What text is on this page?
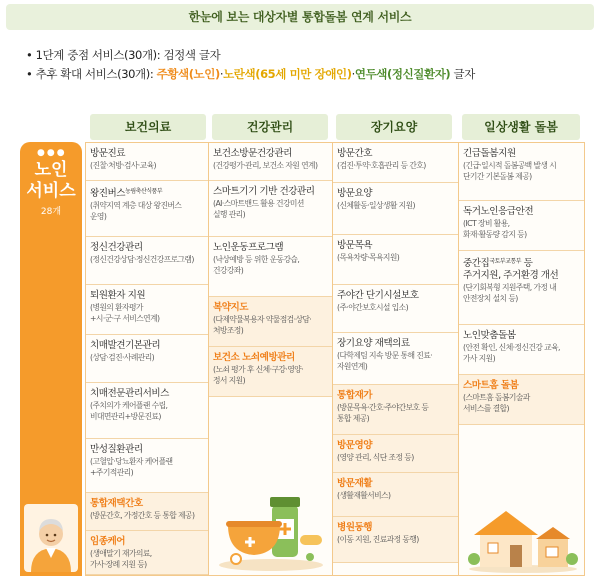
한눈에 보는 대상자별 통합돌봄 연계 서비스
• 1단계 중점 서비스(30개): 검정색 글자
• 추후 확대 서비스(30개): 주황색(노인)·노란색(65세 미만 장애인)·연두색(정신질환자) 글자
보건의료	건강관리	장기요양	일상생활 돌봄
●●●
노인
서비스
28개
방문진료
(진찰·처방·검사·교육)
왕진버스$^{농림축산식품부}$
(취약지역 계층 대상 왕진버스
운영)
정신건강관리
(정신건강상담·정신건강프로그램)
퇴원환자 지원
(병원의 환자평가
+시·군·구 서비스연계)
치매발견기본관리
(상담·검진·사례관리)
치매전문관리서비스
(주치의가 케어플랜 수립,
비대면관리+방문진료)
만성질환관리
(고혈압·당뇨환자 케어플랜
+주기적관리)
통합재택간호
(방문간호, 가정간호 등 통합 제공)
임종케어
(생애말기 재가의료,
가사·장례 지원 등)
보건소방문건강관리
(건강평가·관리, 보건소 자원 연계)
스마트기기 기반 건강관리
(AI·스마트밴드 활용 건강미션
실행 관리)
노인운동프로그램
(낙상예방 등 위한 운동강습,
건강강좌)
복약지도
(다제약물복용자 약물점검·상담·
처방조정)
보건소 노쇠예방관리
(노쇠 평가 후 신체·구강·영양·
정서 지원)
방문간호
(검진·투약·호흡관리 등 간호)
방문요양
(신체활동·일상생활 지원)
방문목욕
(목욕차량·목욕지원)
주야간 단기시설보호
(주·야간보호시설 입소)
장기요양 재택의료
(다학제팀 지속 방문 통해 진료·
자원연계)
통합재가
(방문목욕·간호·주야간보호 등
통합 제공)
방문영양
(영양 관리, 식단 조정 등)
방문재활
(생활재활서비스)
병원동행
(이동 지원, 진료과정 동행)
긴급돌봄지원
(긴급·일시적 돌봄공백 발생 시
단기간 기본돌봄 제공)
독거노인응급안전
(ICT 장비 활용,
화재·활동량 감지 등)
중간집$^{국토부교통부}$ 등
주거지원, 주거환경 개선
(단기회복형 지원주택, 가정 내
안전장치 설치 등)
노인맞춤돌봄
(안전 확인, 신체·정신건강 교육,
가사 지원)
스마트홈 돌봄
(스마트홈 돌봄기술과
서비스를 결합)
